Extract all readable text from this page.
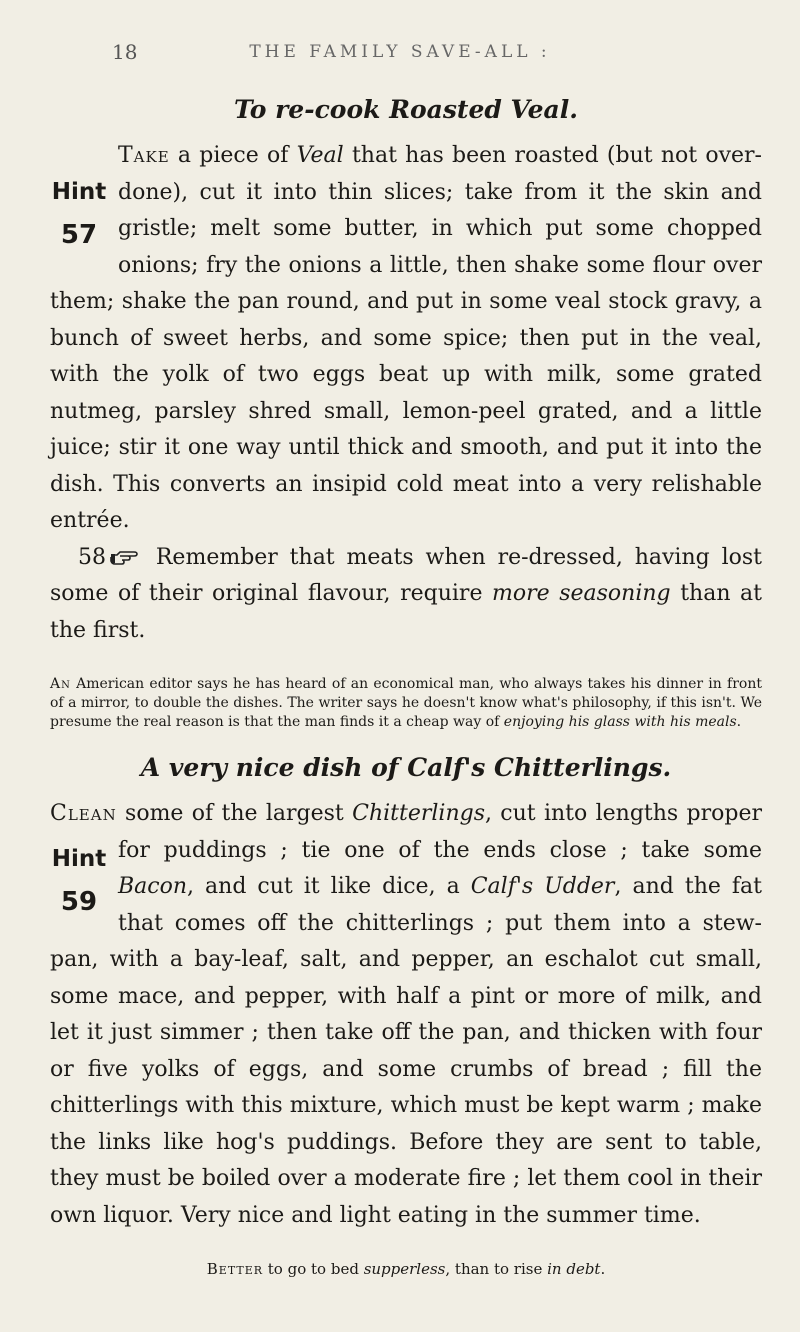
18	THE FAMILY SAVE-ALL :
To re-cook Roasted Veal.

Take a piece of Veal
Hint
57
that has been roasted (but not over-done), cut it into thin slices; take from it the skin and gristle; melt some butter, in which put some chopped onions; fry the onions a little, then shake some flour over them; shake the pan round, and put in some veal stock gravy, a bunch of sweet herbs, and some spice; then put in the veal, with the yolk of two eggs beat up with milk, some grated nutmeg, parsley shred small, lemon-peel grated, and a little juice; stir it one way until thick and smooth, and put it into the dish. This converts an insipid cold meat into a very relishable entrée.

58 Remember that meats when re-dressed, having lost some of their original flavour, require more seasoning than at the first.

An American editor says he has heard of an economical man, who always takes his dinner in front of a mirror, to double the dishes. The writer says he doesn't know what's philosophy, if this isn't. We presume the real reason is that the man finds it a cheap way of enjoying his glass with his meals.

A very nice dish of Calf's Chitterlings.

Clean some of the largest Chitterlings, cut into lengths proper for puddings ; tie one of the ends close ; take some
Hint
59
Bacon, and cut it like dice, a Calf's Udder, and the fat that comes off the chitterlings ; put them into a stew-pan, with a bay-leaf, salt, and pepper, an eschalot cut small, some mace, and pepper, with half a pint or more of milk, and let it just simmer ; then take off the pan, and thicken with four or five yolks of eggs, and some crumbs of bread ; fill the chitterlings with this mixture, which must be kept warm ; make the links like hog's puddings. Before they are sent to table, they must be boiled over a moderate fire ; let them cool in their own liquor. Very nice and light eating in the summer time.

Better to go to bed supperless, than to rise in debt.
